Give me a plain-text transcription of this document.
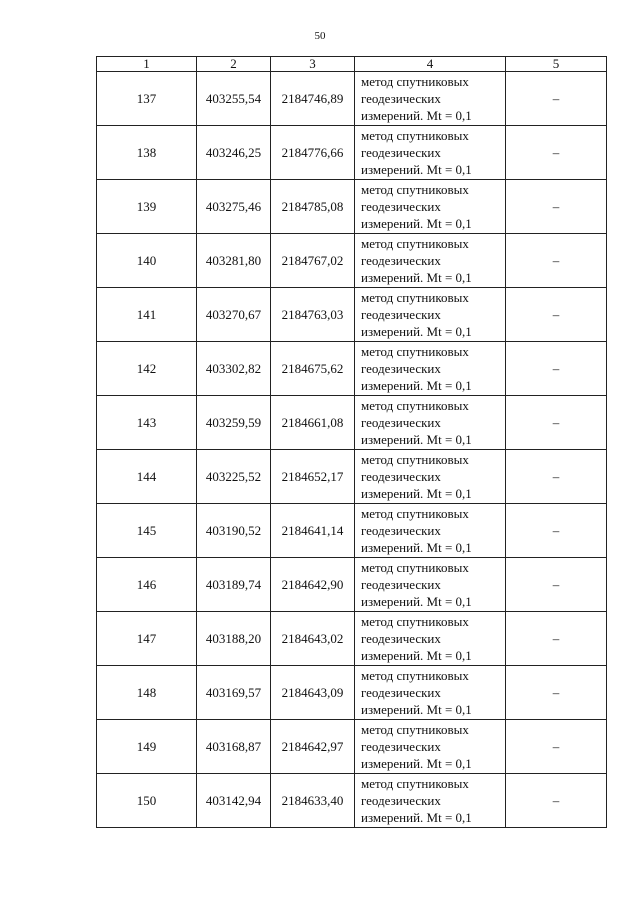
50
1	2	3	4	5
137	403255,54	2184746,89	метод спутниковых
геодезических
измерений. Mt = 0,1	–
138	403246,25	2184776,66	метод спутниковых
геодезических
измерений. Mt = 0,1	–
139	403275,46	2184785,08	метод спутниковых
геодезических
измерений. Mt = 0,1	–
140	403281,80	2184767,02	метод спутниковых
геодезических
измерений. Mt = 0,1	–
141	403270,67	2184763,03	метод спутниковых
геодезических
измерений. Mt = 0,1	–
142	403302,82	2184675,62	метод спутниковых
геодезических
измерений. Mt = 0,1	–
143	403259,59	2184661,08	метод спутниковых
геодезических
измерений. Mt = 0,1	–
144	403225,52	2184652,17	метод спутниковых
геодезических
измерений. Mt = 0,1	–
145	403190,52	2184641,14	метод спутниковых
геодезических
измерений. Mt = 0,1	–
146	403189,74	2184642,90	метод спутниковых
геодезических
измерений. Mt = 0,1	–
147	403188,20	2184643,02	метод спутниковых
геодезических
измерений. Mt = 0,1	–
148	403169,57	2184643,09	метод спутниковых
геодезических
измерений. Mt = 0,1	–
149	403168,87	2184642,97	метод спутниковых
геодезических
измерений. Mt = 0,1	–
150	403142,94	2184633,40	метод спутниковых
геодезических
измерений. Mt = 0,1	–
